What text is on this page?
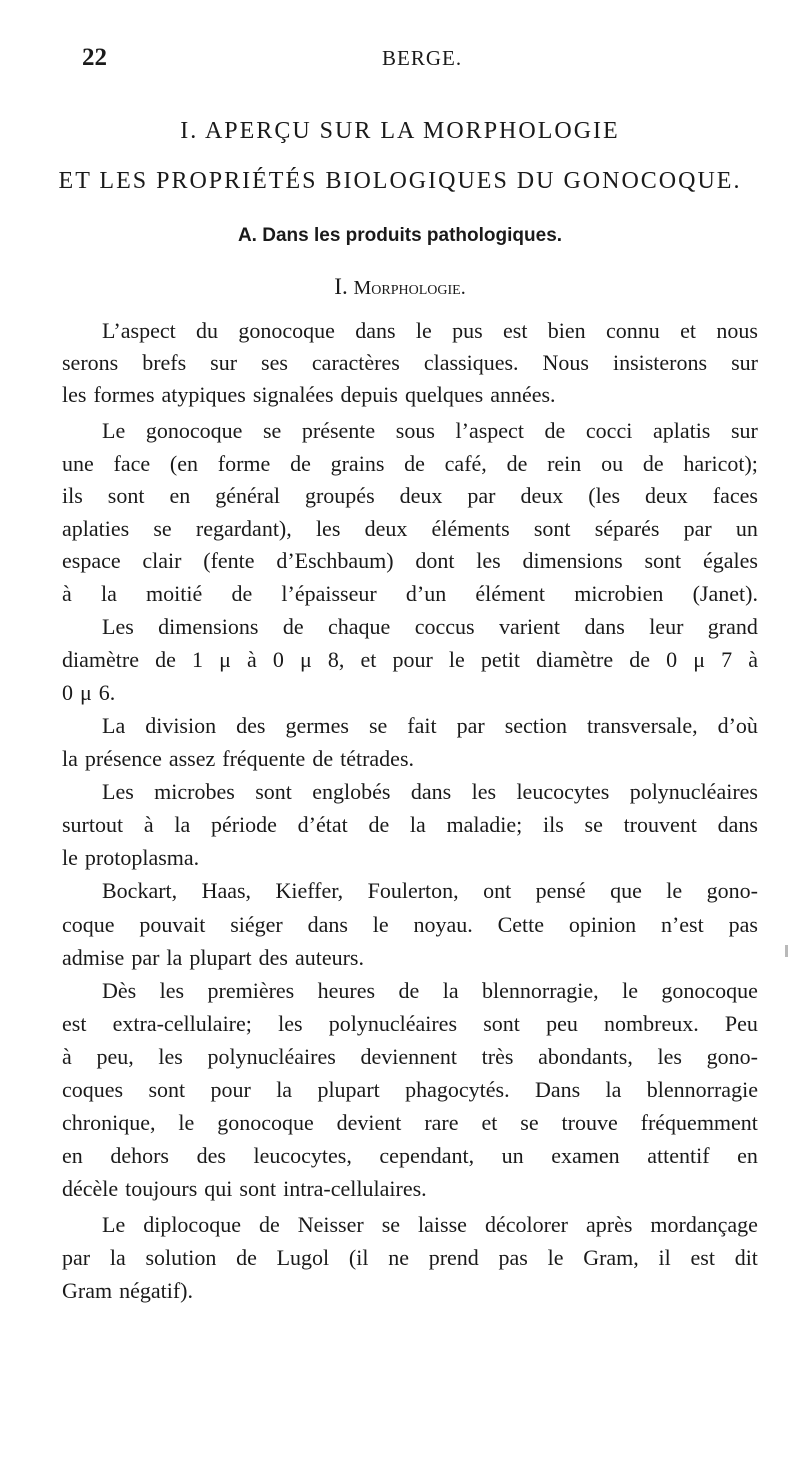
22	BERGE.
I. APERÇU SUR LA MORPHOLOGIE
ET LES PROPRIÉTÉS BIOLOGIQUES DU GONOCOQUE.
A. Dans les produits pathologiques.
I. Morphologie.
L’aspect du gonocoque dans le pus est bien connu et nous
serons brefs sur ses caractères classiques. Nous insisterons sur
les formes atypiques signalées depuis quelques années.
Le gonocoque se présente sous l’aspect de cocci aplatis sur
une face (en forme de grains de café, de rein ou de haricot);
ils sont en général groupés deux par deux (les deux faces
aplaties se regardant), les deux éléments sont séparés par un
espace clair (fente d’Eschbaum) dont les dimensions sont égales
à la moitié de l’épaisseur d’un élément microbien (Janet).
Les dimensions de chaque coccus varient dans leur grand
diamètre de 1 μ à 0 μ 8, et pour le petit diamètre de 0 μ 7 à
0 μ 6.
La division des germes se fait par section transversale, d’où
la présence assez fréquente de tétrades.
Les microbes sont englobés dans les leucocytes polynucléaires
surtout à la période d’état de la maladie; ils se trouvent dans
le protoplasma.
Bockart, Haas, Kieffer, Foulerton, ont pensé que le gono-
coque pouvait siéger dans le noyau. Cette opinion n’est pas
admise par la plupart des auteurs.
Dès les premières heures de la blennorragie, le gonocoque
est extra-cellulaire; les polynucléaires sont peu nombreux. Peu
à peu, les polynucléaires deviennent très abondants, les gono-
coques sont pour la plupart phagocytés. Dans la blennorragie
chronique, le gonocoque devient rare et se trouve fréquemment
en dehors des leucocytes, cependant, un examen attentif en
décèle toujours qui sont intra-cellulaires.
Le diplocoque de Neisser se laisse décolorer après mordançage
par la solution de Lugol (il ne prend pas le Gram, il est dit
Gram négatif).
